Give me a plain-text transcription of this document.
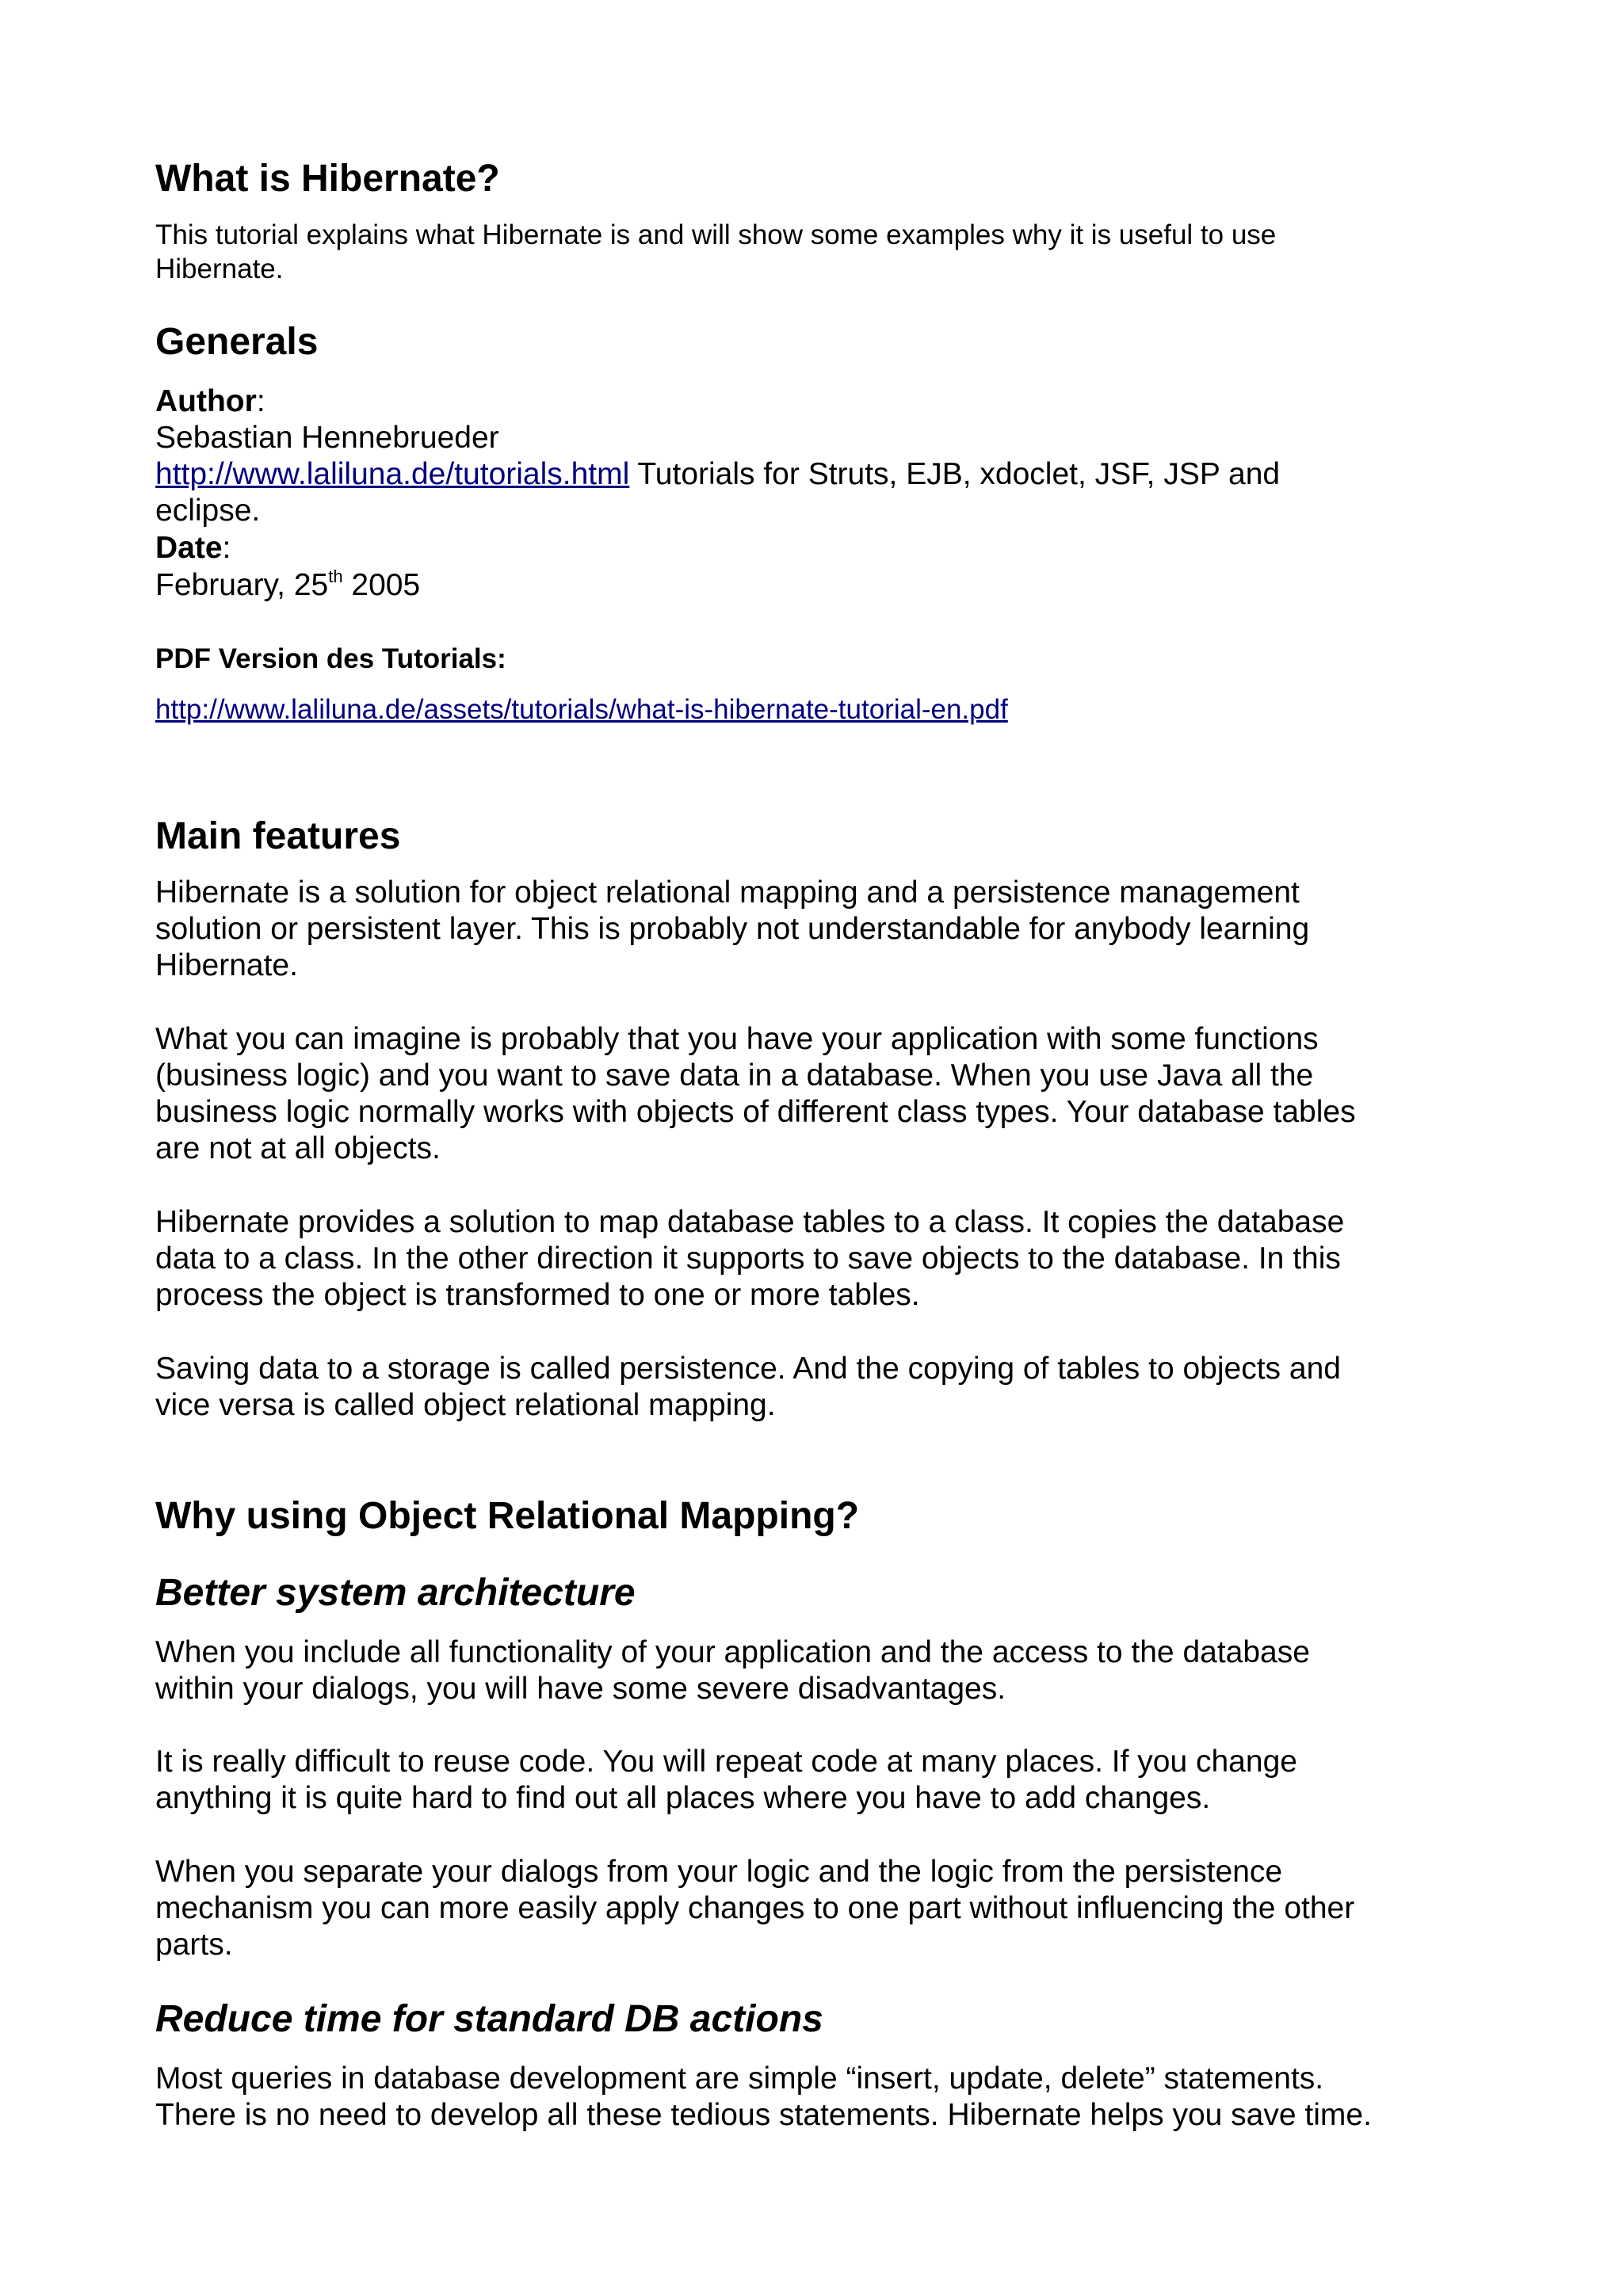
What is Hibernate?
This tutorial explains what Hibernate is and will show some examples why it is useful to use
Hibernate.
Generals
Author:
Sebastian Hennebrueder
http://www.laliluna.de/tutorials.html Tutorials for Struts, EJB, xdoclet, JSF, JSP and
eclipse.
Date:
February, 25th 2005
PDF Version des Tutorials:
http://www.laliluna.de/assets/tutorials/what-is-hibernate-tutorial-en.pdf
Main features
Hibernate is a solution for object relational mapping and a persistence management
solution or persistent layer. This is probably not understandable for anybody learning
Hibernate.
What you can imagine is probably that you have your application with some functions
(business logic) and you want to save data in a database. When you use Java all the
business logic normally works with objects of different class types. Your database tables
are not at all objects.
Hibernate provides a solution to map database tables to a class. It copies the database
data to a class. In the other direction it supports to save objects to the database. In this
process the object is transformed to one or more tables.
Saving data to a storage is called persistence. And the copying of tables to objects and
vice versa is called object relational mapping.
Why using Object Relational Mapping?
Better system architecture
When you include all functionality of your application and the access to the database
within your dialogs, you will have some severe disadvantages.
It is really difficult to reuse code. You will repeat code at many places. If you change
anything it is quite hard to find out all places where you have to add changes.
When you separate your dialogs from your logic and the logic from the persistence
mechanism you can more easily apply changes to one part without influencing the other
parts.
Reduce time for standard DB actions
Most queries in database development are simple “insert, update, delete” statements.
There is no need to develop all these tedious statements. Hibernate helps you save time.
